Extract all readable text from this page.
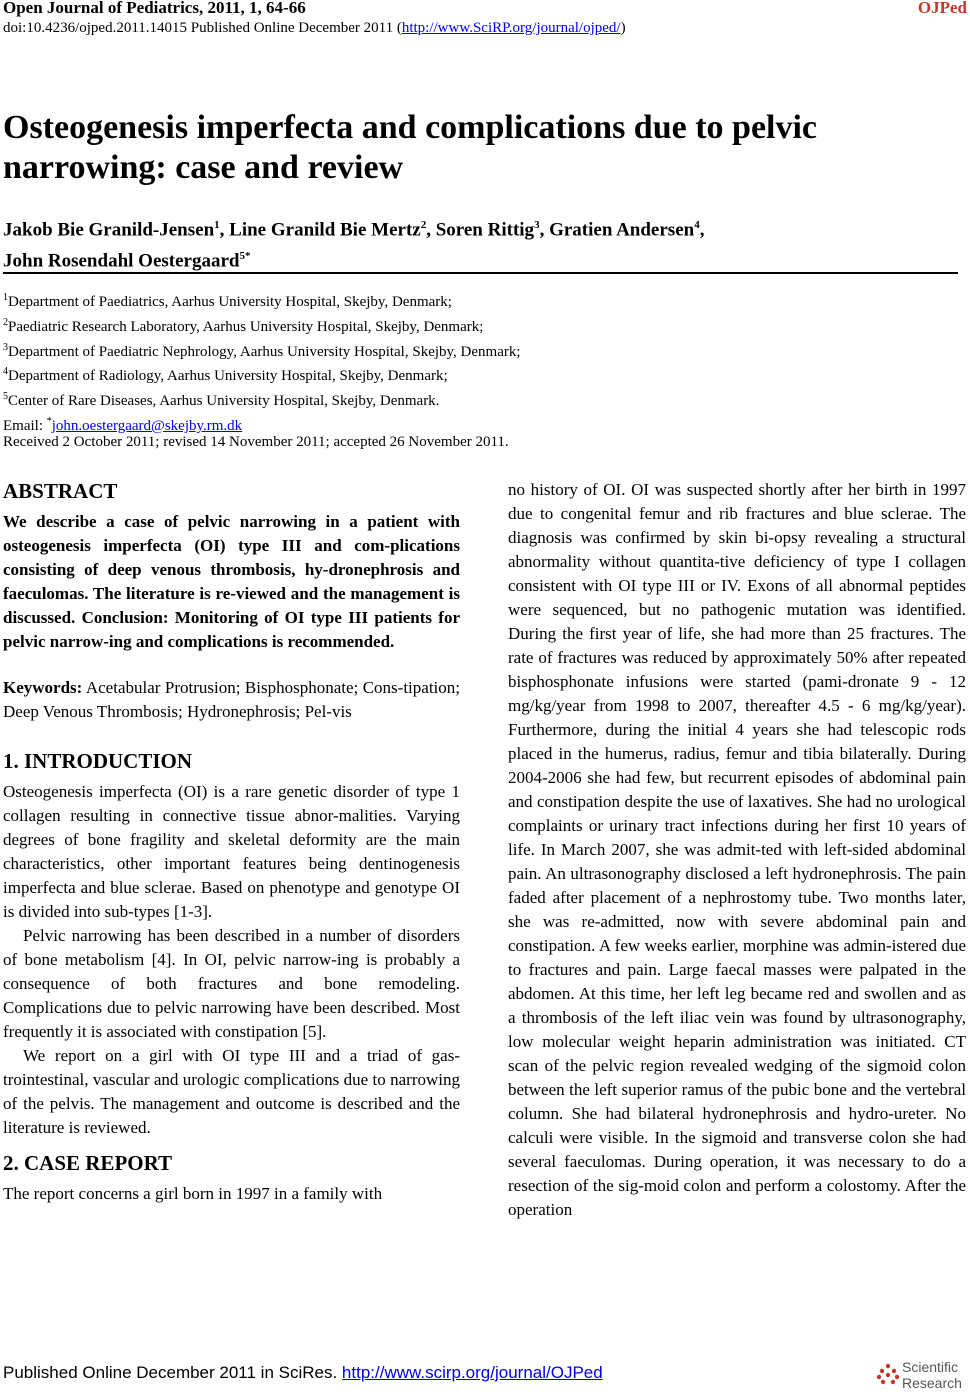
Open Journal of Pediatrics, 2011, 1, 64-66	OJPed
doi:10.4236/ojped.2011.14015 Published Online December 2011 (http://www.SciRP.org/journal/ojped/)
Osteogenesis imperfecta and complications due to pelvic narrowing: case and review
Jakob Bie Granild-Jensen$^1$, Line Granild Bie Mertz$^2$, Soren Rittig$^3$, Gratien Andersen$^4$,
John Rosendahl Oestergaard$^{5*}$
$^1$Department of Paediatrics, Aarhus University Hospital, Skejby, Denmark;
$^2$Paediatric Research Laboratory, Aarhus University Hospital, Skejby, Denmark;
$^3$Department of Paediatric Nephrology, Aarhus University Hospital, Skejby, Denmark;
$^4$Department of Radiology, Aarhus University Hospital, Skejby, Denmark;
$^5$Center of Rare Diseases, Aarhus University Hospital, Skejby, Denmark.
Email: *john.oestergaard@skejby.rm.dk
Received 2 October 2011; revised 14 November 2011; accepted 26 November 2011.
ABSTRACT

We describe a case of pelvic narrowing in a patient with osteogenesis imperfecta (OI) type III and com-plications consisting of deep venous thrombosis, hy-dronephrosis and faeculomas. The literature is re-viewed and the management is discussed. Conclusion: Monitoring of OI type III patients for pelvic narrow-ing and complications is recommended.

Keywords: Acetabular Protrusion; Bisphosphonate; Cons-tipation; Deep Venous Thrombosis; Hydronephrosis; Pel-vis

1. INTRODUCTION

Osteogenesis imperfecta (OI) is a rare genetic disorder of type 1 collagen resulting in connective tissue abnor-malities. Varying degrees of bone fragility and skeletal deformity are the main characteristics, other important features being dentinogenesis imperfecta and blue sclerae. Based on phenotype and genotype OI is divided into sub-types [1-3].

Pelvic narrowing has been described in a number of disorders of bone metabolism [4]. In OI, pelvic narrow-ing is probably a consequence of both fractures and bone remodeling. Complications due to pelvic narrowing have been described. Most frequently it is associated with constipation [5].

We report on a girl with OI type III and a triad of gas-trointestinal, vascular and urologic complications due to narrowing of the pelvis. The management and outcome is described and the literature is reviewed.

2. CASE REPORT

The report concerns a girl born in 1997 in a family with

no history of OI. OI was suspected shortly after her birth in 1997 due to congenital femur and rib fractures and blue sclerae. The diagnosis was confirmed by skin bi-opsy revealing a structural abnormality without quantita-tive deficiency of type I collagen consistent with OI type III or IV. Exons of all abnormal peptides were sequenced, but no pathogenic mutation was identified. During the first year of life, she had more than 25 fractures. The rate of fractures was reduced by approximately 50% after repeated bisphosphonate infusions were started (pami-dronate 9 - 12 mg/kg/year from 1998 to 2007, thereafter 4.5 - 6 mg/kg/year). Furthermore, during the initial 4 years she had telescopic rods placed in the humerus, radius, femur and tibia bilaterally. During 2004-2006 she had few, but recurrent episodes of abdominal pain and constipation despite the use of laxatives. She had no urological complaints or urinary tract infections during her first 10 years of life. In March 2007, she was admit-ted with left-sided abdominal pain. An ultrasonography disclosed a left hydronephrosis. The pain faded after placement of a nephrostomy tube. Two months later, she was re-admitted, now with severe abdominal pain and constipation. A few weeks earlier, morphine was admin-istered due to fractures and pain. Large faecal masses were palpated in the abdomen. At this time, her left leg became red and swollen and as a thrombosis of the left iliac vein was found by ultrasonography, low molecular weight heparin administration was initiated. CT scan of the pelvic region revealed wedging of the sigmoid colon between the left superior ramus of the pubic bone and the vertebral column. She had bilateral hydronephrosis and hydro-ureter. No calculi were visible. In the sigmoid and transverse colon she had several faeculomas. During operation, it was necessary to do a resection of the sig-moid colon and perform a colostomy. After the operation

Published Online December 2011 in SciRes. http://www.scirp.org/journal/OJPed	Scientific
Research
